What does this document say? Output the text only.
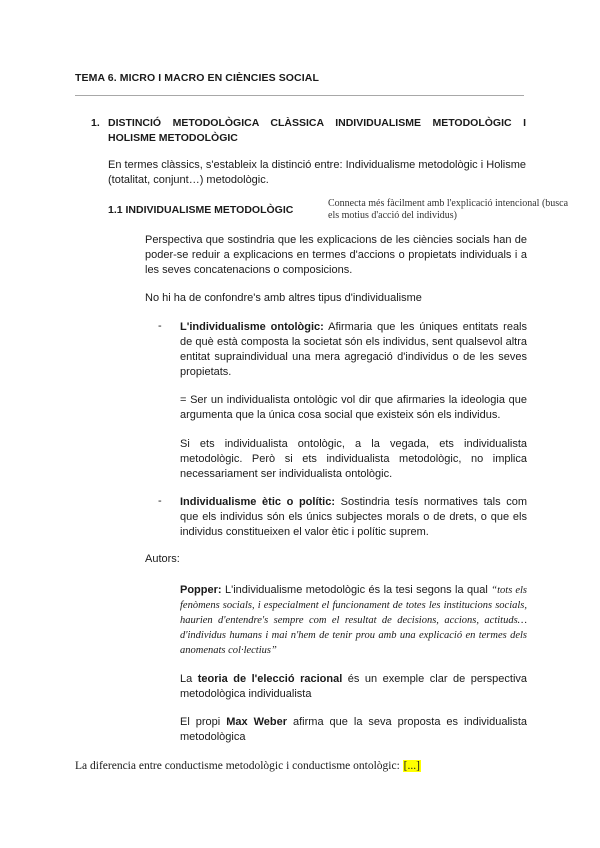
TEMA 6. MICRO I MACRO EN CIÈNCIES SOCIAL
1. DISTINCIÓ METODOLÒGICA CLÀSSICA INDIVIDUALISME METODOLÒGIC I HOLISME METODOLÒGIC
En termes clàssics, s'estableix la distinció entre: Individualisme metodològic i Holisme (totalitat, conjunt…) metodològic.
1.1 INDIVIDUALISME METODOLÒGIC
Connecta més fàcilment amb l'explicació intencional (busca els motius d'acció del individus)
Perspectiva que sostindria que les explicacions de les ciències socials han de poder-se reduir a explicacions en termes d'accions o propietats individuals i a les seves concatenacions o composicions.
No hi ha de confondre's amb altres tipus d'individualisme
- L'individualisme ontològic: Afirmaria que les úniques entitats reals de què està composta la societat són els individus, sent qualsevol altra entitat supraindividual una mera agregació d'individus o de les seves propietats.
= Ser un individualista ontològic vol dir que afirmaries la ideologia que argumenta que la única cosa social que existeix són els individus.
Si ets individualista ontològic, a la vegada, ets individualista metodològic. Però si ets individualista metodològic, no implica necessariament ser individualista ontològic.
- Individualisme ètic o polític: Sostindria tesís normatives tals com que els individus són els únics subjectes morals o de drets, o que els individus constitueixen el valor ètic i polític suprem.
Autors:
Popper: L'individualisme metodològic és la tesi segons la qual “tots els fenòmens socials, i especialment el funcionament de totes les institucions socials, haurien d'entendre's sempre com el resultat de decisions, accions, actituds… d'individus humans i mai n'hem de tenir prou amb una explicació en termes dels anomenats col·lectius”
La teoria de l'elecció racional és un exemple clar de perspectiva metodològica individualista
El propi Max Weber afirma que la seva proposta es individualista metodològica
La diferencia entre conductisme metodològic i conductisme ontològic: [...]
